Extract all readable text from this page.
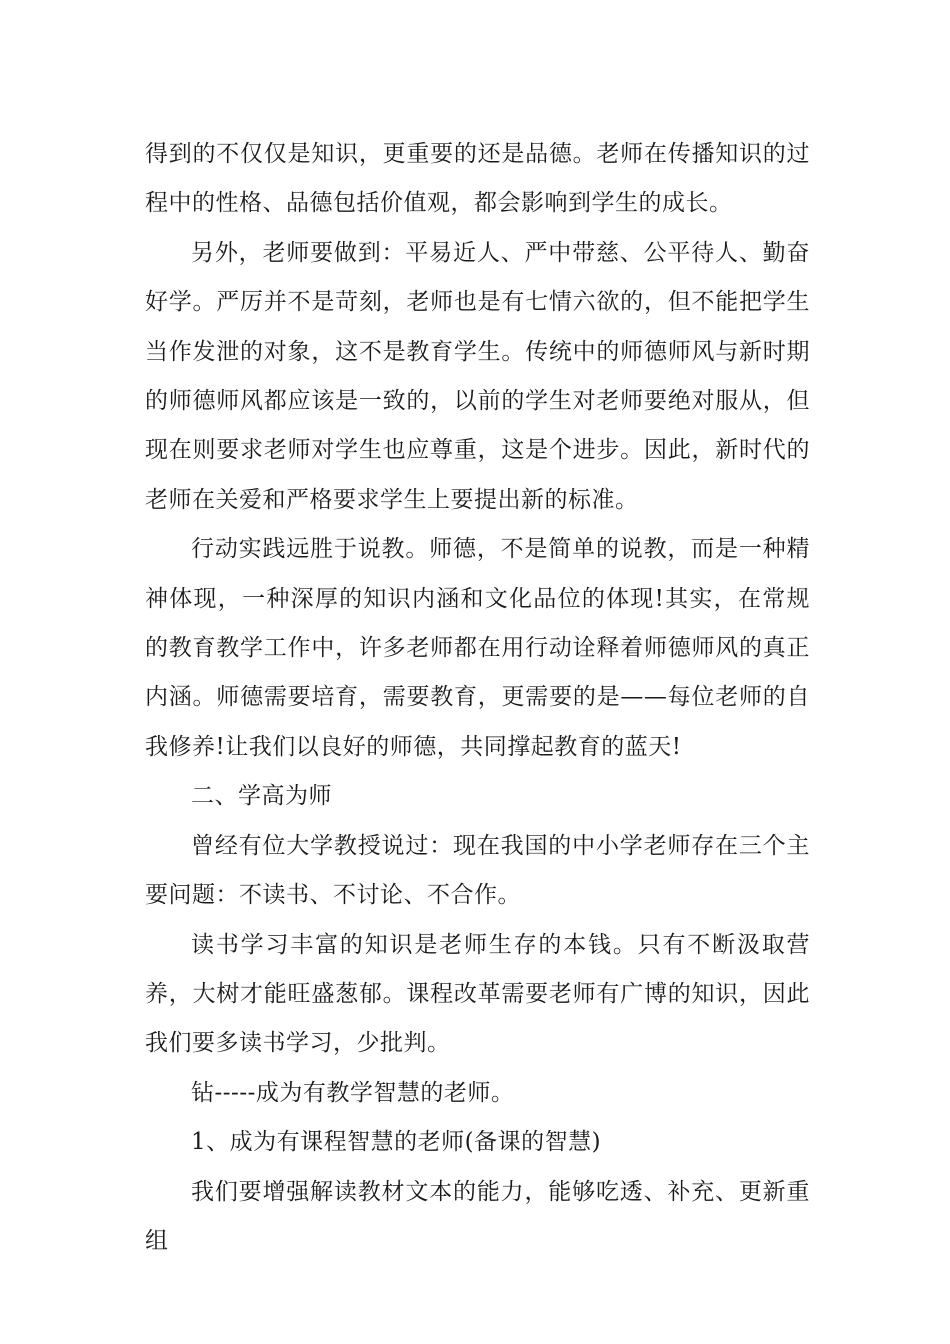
得到的不仅仅是知识，更重要的还是品德。老师在传播知识的过程中的性格、品德包括价值观，都会影响到学生的成长。

另外，老师要做到：平易近人、严中带慈、公平待人、勤奋好学。严厉并不是苛刻，老师也是有七情六欲的，但不能把学生当作发泄的对象，这不是教育学生。传统中的师德师风与新时期的师德师风都应该是一致的，以前的学生对老师要绝对服从，但现在则要求老师对学生也应尊重，这是个进步。因此，新时代的老师在关爱和严格要求学生上要提出新的标准。

行动实践远胜于说教。师德，不是简单的说教，而是一种精神体现，一种深厚的知识内涵和文化品位的体现!其实，在常规的教育教学工作中，许多老师都在用行动诠释着师德师风的真正内涵。师德需要培育，需要教育，更需要的是——每位老师的自我修养!让我们以良好的师德，共同撑起教育的蓝天!

二、学高为师

曾经有位大学教授说过：现在我国的中小学老师存在三个主要问题：不读书、不讨论、不合作。

读书学习丰富的知识是老师生存的本钱。只有不断汲取营养，大树才能旺盛葱郁。课程改革需要老师有广博的知识，因此我们要多读书学习，少批判。

钻-----成为有教学智慧的老师。

1、成为有课程智慧的老师(备课的智慧)

我们要增强解读教材文本的能力，能够吃透、补充、更新重组
